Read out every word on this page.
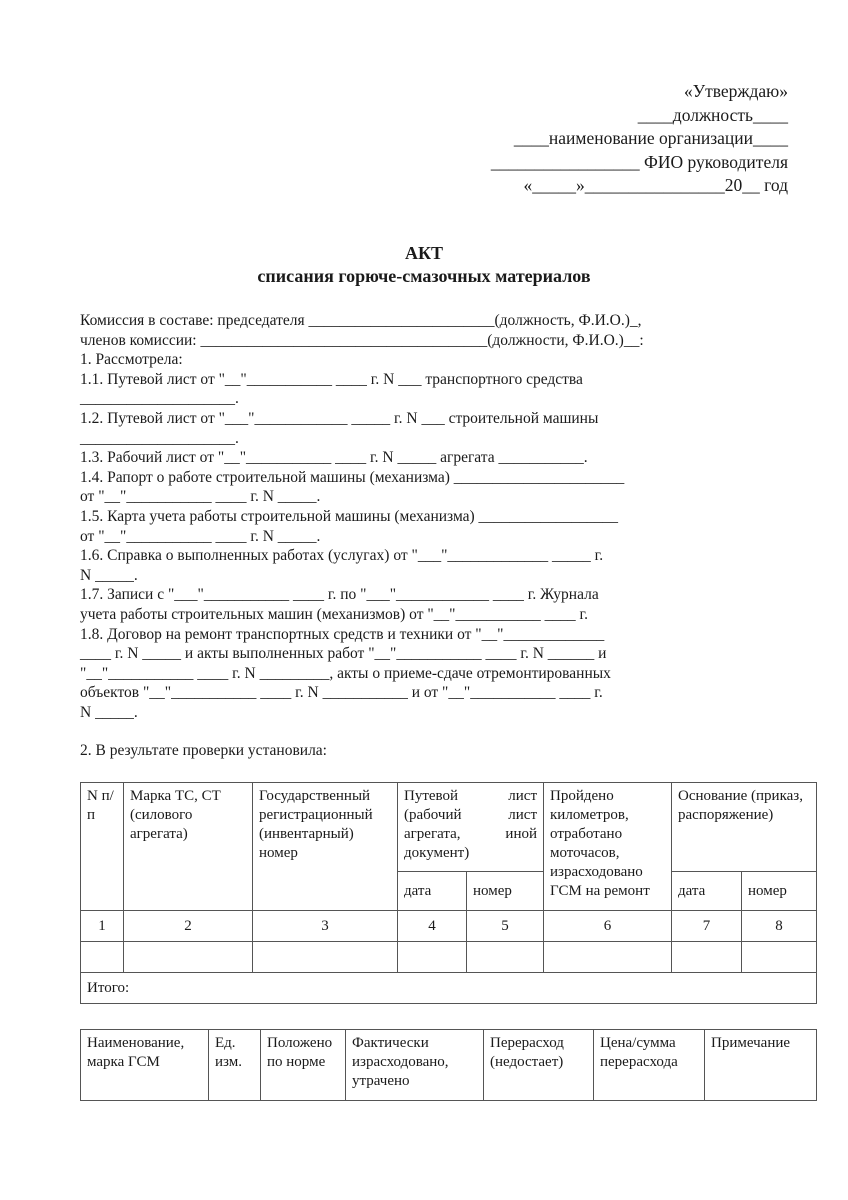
«Утверждаю»
____должность____
____наименование организации____
_________________ ФИО руководителя
«_____»________________20__ год
АКТ
списания горюче-смазочных материалов
Комиссия в составе: председателя ________________________(должность, Ф.И.О.)_,
членов комиссии: _____________________________________(должности, Ф.И.О.)__:
1. Рассмотрела:
1.1. Путевой лист от "__"___________ ____ г. N ___ транспортного средства
____________________.
1.2. Путевой лист от "___"____________ _____ г. N ___ строительной машины
____________________.
1.3. Рабочий лист от "__"___________ ____ г. N _____ агрегата ___________.
1.4. Рапорт о работе строительной машины (механизма) ______________________
от "__"___________ ____ г. N _____.
1.5. Карта учета работы строительной машины (механизма) __________________
от "__"___________ ____ г. N _____.
1.6. Справка о выполненных работах (услугах) от "___"_____________ _____ г.
N _____.
1.7. Записи с "___"___________ ____ г. по "___"____________ ____ г. Журнала
учета работы строительных машин (механизмов) от "__"___________ ____ г.
1.8. Договор на ремонт транспортных средств и техники от "__"_____________
____ г. N _____ и акты выполненных работ "__"___________ ____ г. N ______ и
"__"___________ ____ г. N _________, акты о приеме-сдаче отремонтированных
объектов "__"___________ ____ г. N ___________ и от "__"___________ ____ г.
N _____.
2. В результате проверки установила:
N п/п	Марка ТС, СТ (силового агрегата)	Государственный регистрационный (инвентарный) номер	Путевой лист (рабочий лист агрегата, иной документ)		Пройдено километров, отработано моточасов, израсходовано ГСМ на ремонт	Основание (приказ, распоряжение)	
			дата	номер		дата	номер
1	2	3	4	5	6	7	8

Итого:							
Наименование, марка ГСМ	Ед. изм.	Положено по норме	Фактически израсходовано, утрачено	Перерасход (недостает)	Цена/сумма перерасхода	Примечание
